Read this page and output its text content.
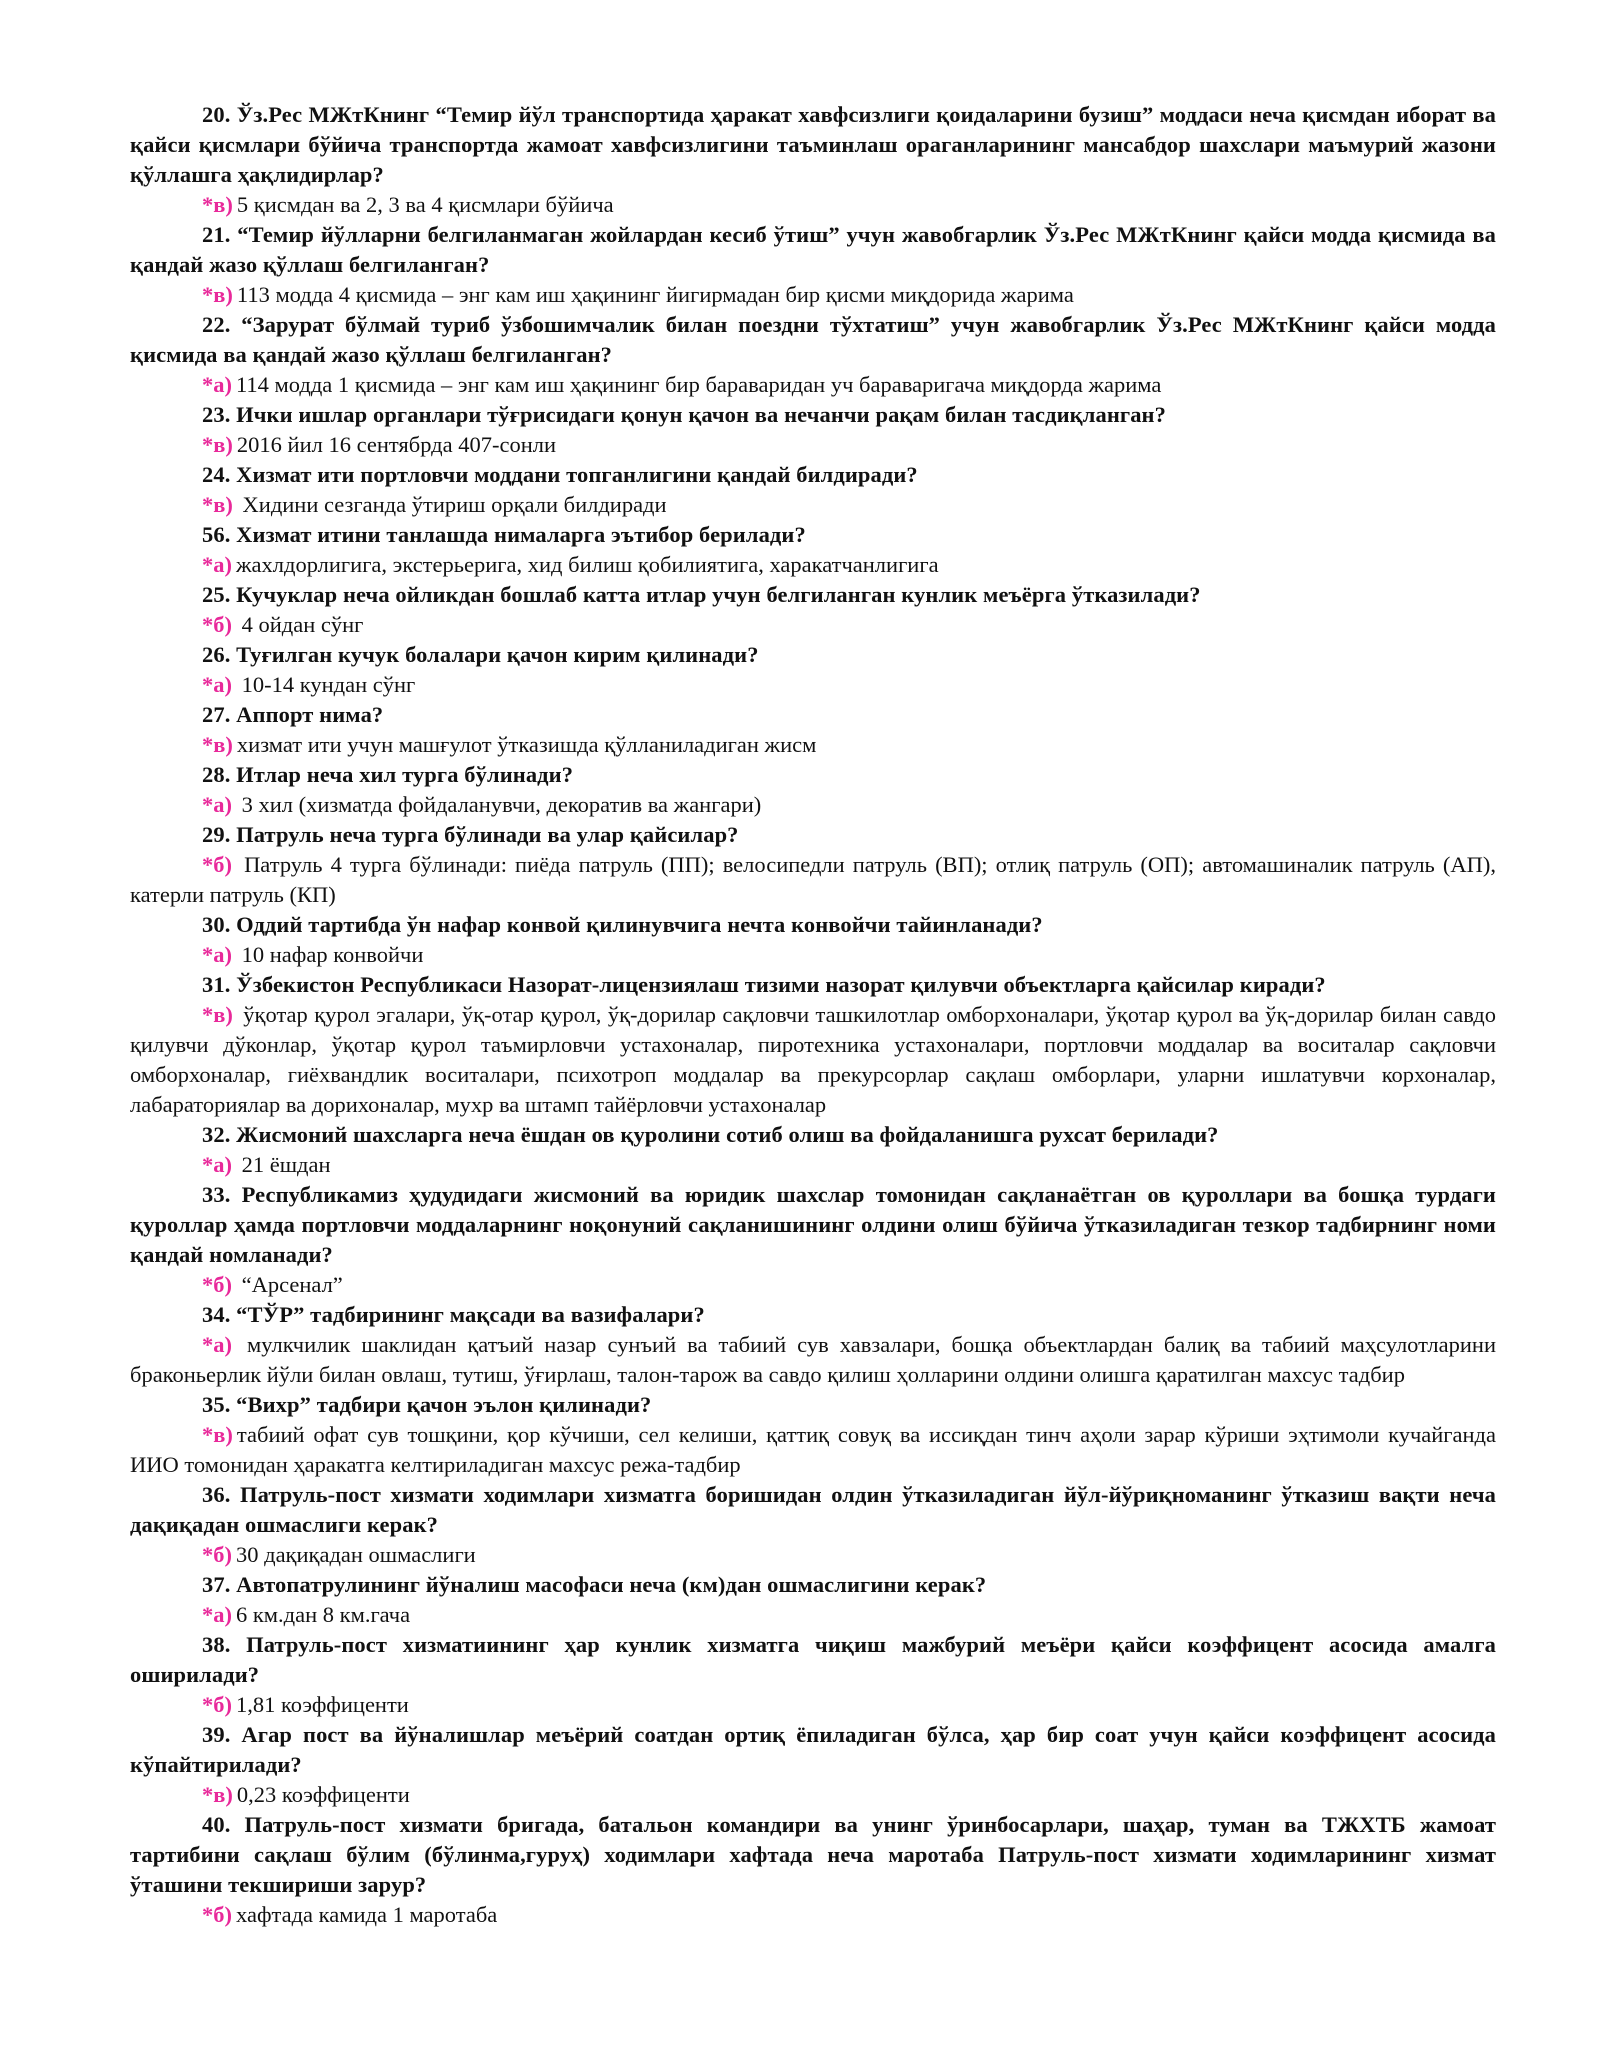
20. Ўз.Рес МЖтКнинг “Темир йўл транспортида ҳаракат хавфсизлиги қоидаларини бузиш” моддаси неча қисмдан иборат ва қайси қисмлари бўйича транспортда жамоат хавфсизлигини таъминлаш ораганларининг мансабдор шахслари маъмурий жазони қўллашга ҳақлидирлар?

*в) 5 қисмдан ва 2, 3 ва 4 қисмлари бўйича

21. “Темир йўлларни белгиланмаган жойлардан кесиб ўтиш” учун жавобгарлик Ўз.Рес МЖтКнинг қайси модда қисмида ва қандай жазо қўллаш белгиланган?

*в) 113 модда 4 қисмида – энг кам иш ҳақининг йигирмадан бир қисми миқдорида жарима

22. “Зарурат бўлмай туриб ўзбошимчалик билан поездни тўхтатиш” учун жавобгарлик Ўз.Рес МЖтКнинг қайси модда қисмида ва қандай жазо қўллаш белгиланган?

*а) 114 модда 1 қисмида – энг кам иш ҳақининг бир бараваридан уч бараваригача миқдорда жарима

23. Ички ишлар органлари тўғрисидаги қонун қачон ва нечанчи рақам билан тасдиқланган?

*в) 2016 йил 16 сентябрда 407-сонли

24. Хизмат ити портловчи моддани топганлигини қандай билдиради?

*в) Хидини сезганда ўтириш орқали билдиради

56. Хизмат итини танлашда нималарга эътибор берилади?

*а) жахлдорлигига, экстерьерига, хид билиш қобилиятига, харакатчанлигига

25. Кучуклар неча ойликдан бошлаб катта итлар учун белгиланган кунлик меъёрга ўтказилади?

*б) 4 ойдан сўнг

26. Туғилган кучук болалари қачон кирим қилинади?

*а) 10-14 кундан сўнг

27. Аппорт нима?

*в) хизмат ити учун машғулот ўтказишда қўлланиладиган жисм

28. Итлар неча хил турга бўлинади?

*а) 3 хил (хизматда фойдаланувчи, декоратив ва жангари)

29. Патруль неча турга бўлинади ва улар қайсилар?

*б) Патруль 4 турга бўлинади: пиёда патруль (ПП); велосипедли патруль (ВП); отлиқ патруль (ОП); автомашиналик патруль (АП), катерли патруль (КП)

30. Оддий тартибда ўн нафар конвой қилинувчига нечта конвойчи тайинланади?

*а) 10 нафар конвойчи

31. Ўзбекистон Республикаси Назорат-лицензиялаш тизими назорат қилувчи объектларга қайсилар киради?

*в) ўқотар қурол эгалари, ўқ-отар қурол, ўқ-дорилар сақловчи ташкилотлар омборхоналари, ўқотар қурол ва ўқ-дорилар билан савдо қилувчи дўконлар, ўқотар қурол таъмирловчи устахоналар, пиротехника устахоналари, портловчи моддалар ва воситалар сақловчи омборхоналар, гиёхвандлик воситалари, психотроп моддалар ва прекурсорлар сақлаш омборлари, уларни ишлатувчи корхоналар, лабараториялар ва дорихоналар, мухр ва штамп тайёрловчи устахоналар

32. Жисмоний шахсларга неча ёшдан ов қуролини сотиб олиш ва фойдаланишга рухсат берилади?

*а) 21 ёшдан

33. Республикамиз ҳудудидаги жисмоний ва юридик шахслар томонидан сақланаётган ов қуроллари ва бошқа турдаги қуроллар ҳамда портловчи моддаларнинг ноқонуний сақланишининг олдини олиш бўйича ўтказиладиган тезкор тадбирнинг номи қандай номланади?

*б) “Арсенал”

34. “ТЎР” тадбирининг мақсади ва вазифалари?

*а) мулкчилик шаклидан қатъий назар сунъий ва табиий сув хавзалари, бошқа объектлардан балиқ ва табиий маҳсулотларини браконьерлик йўли билан овлаш, тутиш, ўғирлаш, талон-тарож ва савдо қилиш ҳолларини олдини олишга қаратилган махсус тадбир

35. “Вихр” тадбири қачон эълон қилинади?

*в) табиий офат сув тошқини, қор кўчиши, сел келиши, қаттиқ совуқ ва иссиқдан тинч аҳоли зарар кўриши эҳтимоли кучайганда ИИО томонидан ҳаракатга келтириладиган махсус режа-тадбир

36. Патруль-пост хизмати ходимлари хизматга боришидан олдин ўтказиладиган йўл-йўриқноманинг ўтказиш вақти неча дақиқадан ошмаслиги керак?

*б) 30 дақиқадан ошмаслиги

37. Автопатрулининг йўналиш масофаси неча (км)дан ошмаслигини керак?

*а) 6 км.дан 8 км.гача

38. Патруль-пост хизматиининг ҳар кунлик хизматга чиқиш мажбурий меъёри қайси коэффицент асосида амалга оширилади?

*б) 1,81 коэффиценти

39. Агар пост ва йўналишлар меъёрий соатдан ортиқ ёпиладиган бўлса, ҳар бир соат учун қайси коэффицент асосида кўпайтирилади?

*в) 0,23 коэффиценти

40. Патруль-пост хизмати бригада, батальон командири ва унинг ўринбосарлари, шаҳар, туман ва ТЖХТБ жамоат тартибини сақлаш бўлим (бўлинма,гуруҳ) ходимлари хафтада неча маротаба Патруль-пост хизмати ходимларининг хизмат ўташини текшириши зарур?

*б) хафтада камида 1 маротаба
